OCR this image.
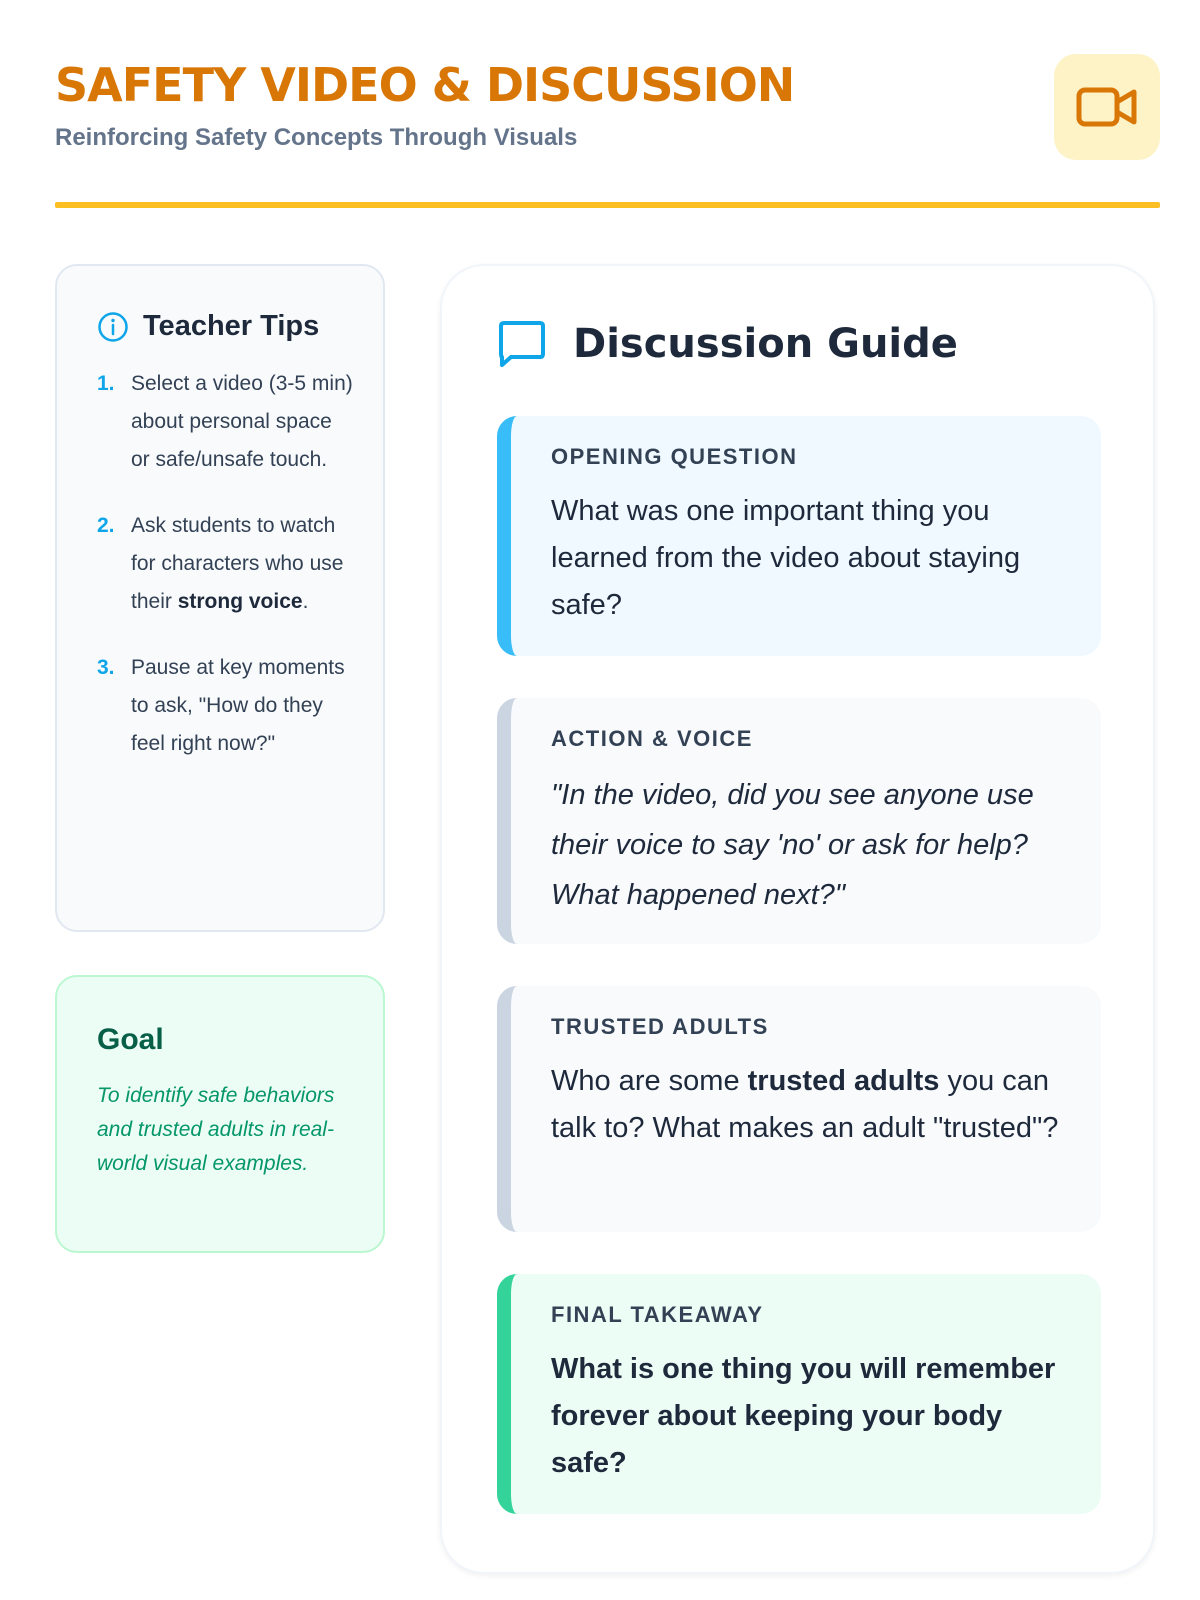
SAFETY VIDEO & DISCUSSION
Reinforcing Safety Concepts Through Visuals
Teacher Tips
1. Select a video (3-5 min) about personal space or safe/unsafe touch.
2. Ask students to watch for characters who use their strong voice.
3. Pause at key moments to ask, "How do they feel right now?"
Goal
To identify safe behaviors and trusted adults in real-world visual examples.
Discussion Guide
OPENING QUESTION
What was one important thing you learned from the video about staying safe?
ACTION & VOICE
"In the video, did you see anyone use their voice to say 'no' or ask for help? What happened next?"
TRUSTED ADULTS
Who are some trusted adults you can talk to? What makes an adult "trusted"?
FINAL TAKEAWAY
What is one thing you will remember forever about keeping your body safe?
